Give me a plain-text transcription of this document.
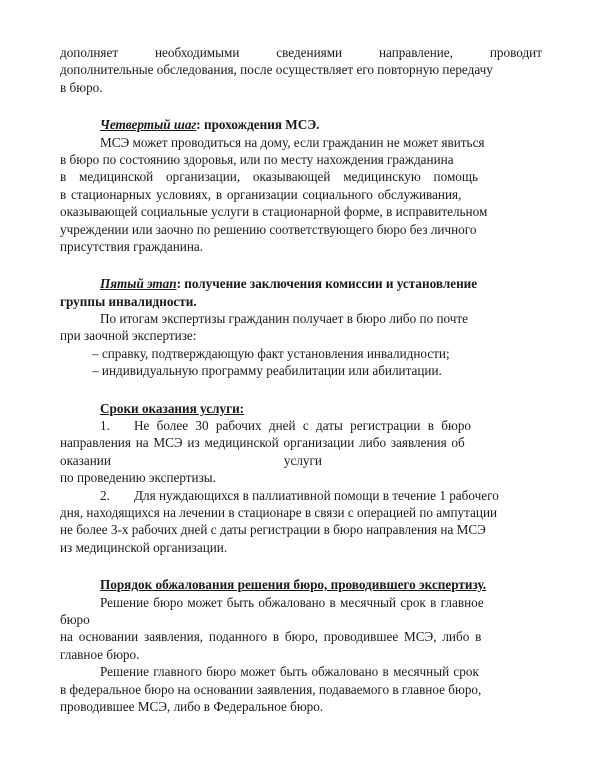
дополняет	необходимыми	сведениями	направление,	проводит
дополнительные обследования, после осуществляет его повторную передачу
в бюро.
Четвертый шаг: прохождения МСЭ.
МСЭ может проводиться на дому, если гражданин не может явиться
в бюро по состоянию здоровья, или по месту нахождения гражданина
в медицинской организации, оказывающей медицинскую помощь
в стационарных условиях, в организации социального обслуживания,
оказывающей социальные услуги в стационарной форме, в исправительном
учреждении или заочно по решению соответствующего бюро без личного
присутствия гражданина.
Пятый этап: получение заключения комиссии и установление
группы инвалидности.
По итогам экспертизы гражданин получает в бюро либо по почте
при заочной экспертизе:
– справку, подтверждающую факт установления инвалидности;
– индивидуальную программу реабилитации или абилитации.
Сроки оказания услуги:
1. Не более 30 рабочих дней с даты регистрации в бюро
направления на МСЭ из медицинской организации либо заявления об
оказании	услуги
по проведению экспертизы.
2. Для нуждающихся в паллиативной помощи в течение 1 рабочего
дня, находящихся на лечении в стационаре в связи с операцией по ампутации
не более 3-х рабочих дней с даты регистрации в бюро направления на МСЭ
из медицинской организации.
Порядок обжалования решения бюро, проводившего экспертизу.
Решение бюро может быть обжаловано в месячный срок в главное
бюро
на основании заявления, поданного в бюро, проводившее МСЭ, либо в
главное бюро.
Решение главного бюро может быть обжаловано в месячный срок
в федеральное бюро на основании заявления, подаваемого в главное бюро,
проводившее МСЭ, либо в Федеральное бюро.
